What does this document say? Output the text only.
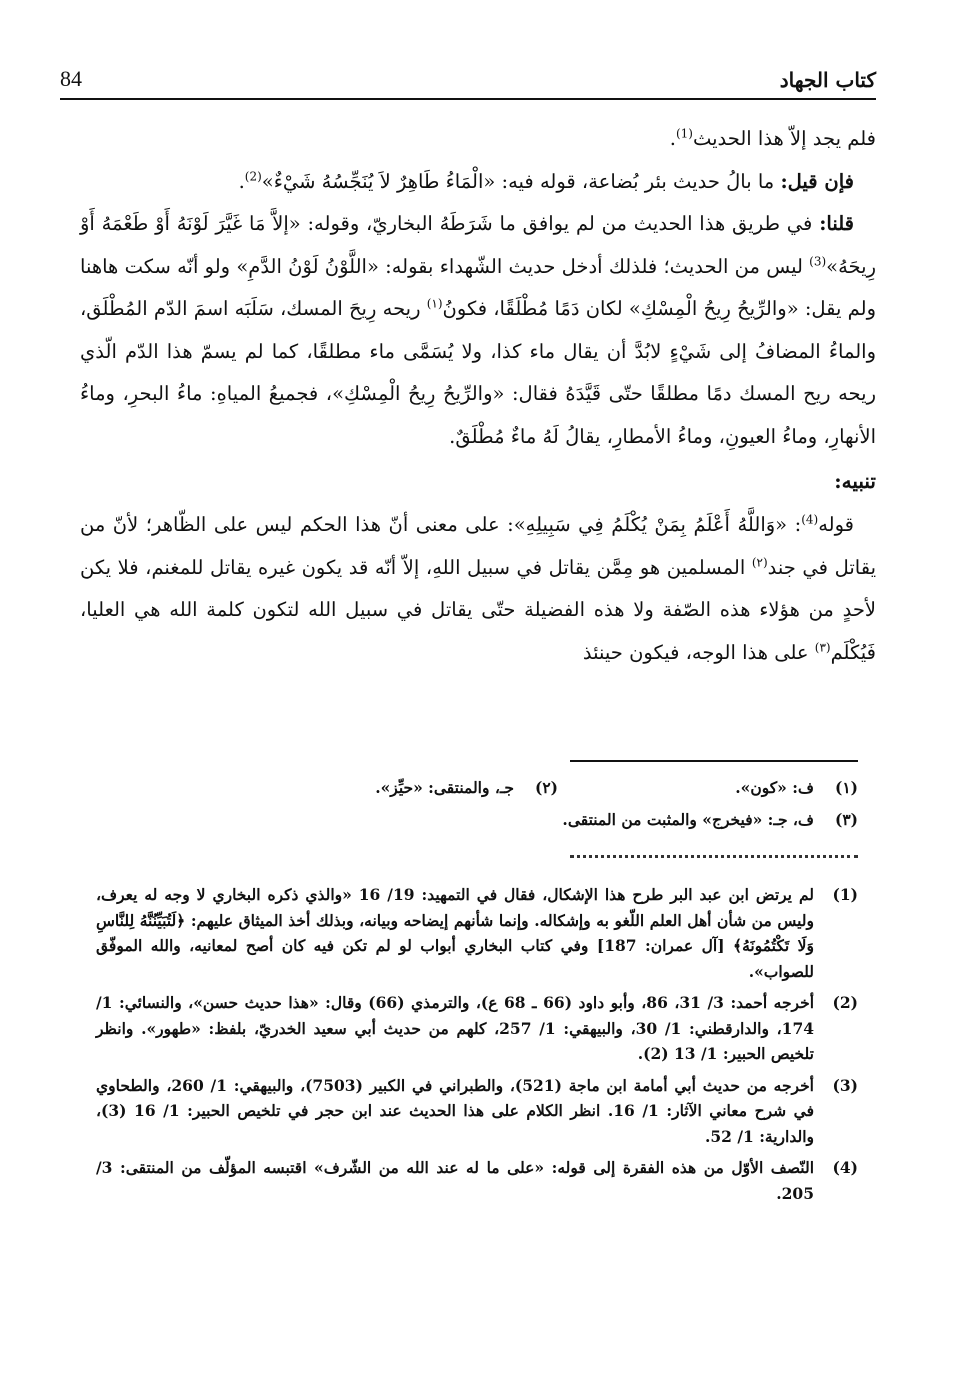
كتاب الجهاد
84

فلم يجد إلاّ هذا الحديث$^{(1)}$.

فإن قيل: ما بالُ حديث بئر بُضاعة، قوله فيه: «الْمَاءُ طَاهِرٌ لاَ يُنَجِّسُهُ شَيْءٌ»$^{(2)}$.

قلنا: في طريق هذا الحديث من لم يوافق ما شَرَطَهُ البخاريّ، وقوله: «إلاَّ مَا غَيَّرَ لَوْنَهُ أَوْ طَعْمَهُ أَوْ رِيحَهُ»$^{(3)}$ ليس من الحديث؛ فلذلك أدخل حديث الشّهداء بقوله: «اللَّوْنُ لَوْنُ الدَّمِ» ولو أنّه سكت هاهنا ولم يقل: «والرِّيحُ رِيحُ الْمِسْكِ» لكان دَمًا مُطْلَقًا، فكونُ$^{(١)}$ ريحه رِيحَ المسك، سَلَبَه اسمَ الدّم المُطْلَق، والماءُ المضافُ إلى شَيْءٍ لابُدَّ أن يقال ماء كذا، ولا يُسَمَّى ماء مطلقًا، كما لم يسمّ هذا الدّم الّذي ريحه ريح المسك دمًا مطلقًا حتّى قَيَّدَهُ فقال: «والرِّيحُ رِيحُ الْمِسْكِ»، فجميعُ المياهِ: ماءُ البحرِ، وماءُ الأنهارِ، وماءُ العيونِ، وماءُ الأمطارِ، يقالُ لَهُ ماءٌ مُطْلَقٌ.

تنبيه:

قوله$^{(4)}$: «وَاللَّهُ أَعْلَمُ بِمَنْ يُكْلَمُ فِي سَبِيلِهِ»: على معنى أنّ هذا الحكم ليس على الظّاهر؛ لأنّ من يقاتل في جند$^{(٢)}$ المسلمين هو مِمَّن يقاتل في سبيل اللهِ، إلاّ أنّه قد يكون غيره يقاتل للمغنم، فلا يكن لأحدٍ من هؤلاء هذه الصّفة ولا هذه الفضيلة حتّى يقاتل في سبيل الله لتكون كلمة الله هي العليا، فَيُكْلَم$^{(٣)}$ على هذا الوجه، فيكون حينئذ

(١)
ف: «كون».
(٢)
جـ، والمنتقى: «حيِّز».
(٣)
ف، جـ: «فيخرج» والمثبت من المنتقى.
(1)
لم يرتض ابن عبد البر طرح هذا الإشكال، فقال في التمهيد: 19/ 16 «والذي ذكره البخاري لا وجه له يعرف، وليس من شأن أهل العلم اللّغو به وإشكاله. وإنما شأنهم إيضاحه وبيانه، وبذلك أخذ الميثاق عليهم: ﴿لَتُبَيِّنُنَّهُ لِلنَّاسِ وَلَا تَكْتُمُونَهُ﴾ [آل عمران: 187] وفي كتاب البخاري أبواب لو لم تكن فيه كان أصح لمعانيه، والله الموفّق للصواب».
(2)
أخرجه أحمد: 3/ 31، 86، وأبو داود (66 ـ 68 ع)، والترمذي (66) وقال: «هذا حديث حسن»، والنسائي: 1/ 174، والدارقطني: 1/ 30، والبيهقي: 1/ 257، كلهم من حديث أبي سعيد الخدريّ، بلفظ: «طهور». وانظر تلخيص الحبير: 1/ 13 (2).
(3)
أخرجه من حديث أبي أمامة ابن ماجة (521)، والطبراني في الكبير (7503)، والبيهقي: 1/ 260، والطحاوي في شرح معاني الآثار: 1/ 16. انظر الكلام على هذا الحديث عند ابن حجر في تلخيص الحبير: 1/ 16 (3)، والدارية: 1/ 52.
(4)
النّصف الأوّل من هذه الفقرة إلى قوله: «على ما له عند الله من الشّرف» اقتبسه المؤلّف من المنتقى: 3/ 205.
